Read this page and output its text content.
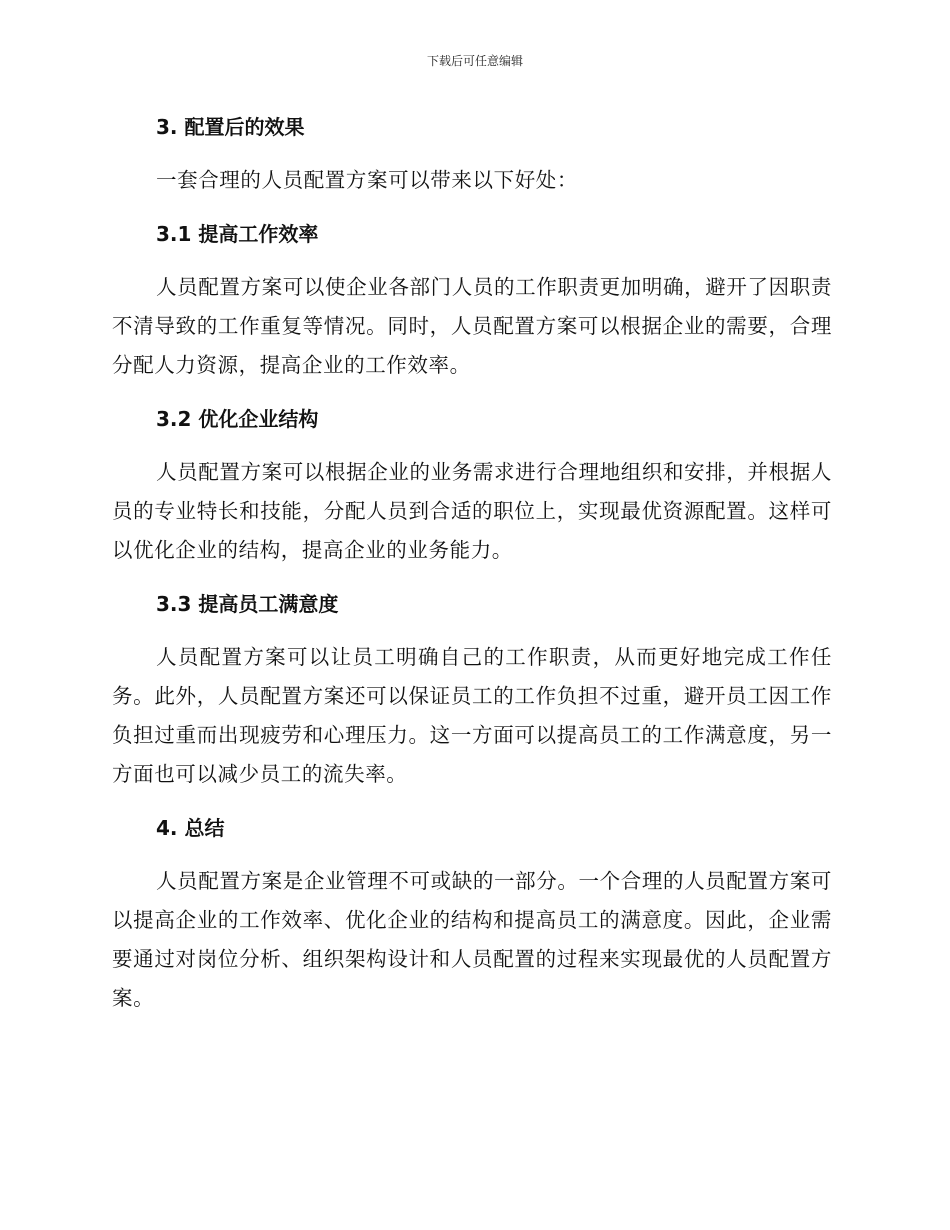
下载后可任意编辑
3. 配置后的效果

一套合理的人员配置方案可以带来以下好处：

3.1 提高工作效率

人员配置方案可以使企业各部门人员的工作职责更加明确，避开了因职责不清导致的工作重复等情况。同时，人员配置方案可以根据企业的需要，合理分配人力资源，提高企业的工作效率。

3.2 优化企业结构

人员配置方案可以根据企业的业务需求进行合理地组织和安排，并根据人员的专业特长和技能，分配人员到合适的职位上，实现最优资源配置。这样可以优化企业的结构，提高企业的业务能力。

3.3 提高员工满意度

人员配置方案可以让员工明确自己的工作职责，从而更好地完成工作任务。此外，人员配置方案还可以保证员工的工作负担不过重，避开员工因工作负担过重而出现疲劳和心理压力。这一方面可以提高员工的工作满意度，另一方面也可以减少员工的流失率。

4. 总结

人员配置方案是企业管理不可或缺的一部分。一个合理的人员配置方案可以提高企业的工作效率、优化企业的结构和提高员工的满意度。因此，企业需要通过对岗位分析、组织架构设计和人员配置的过程来实现最优的人员配置方案。
